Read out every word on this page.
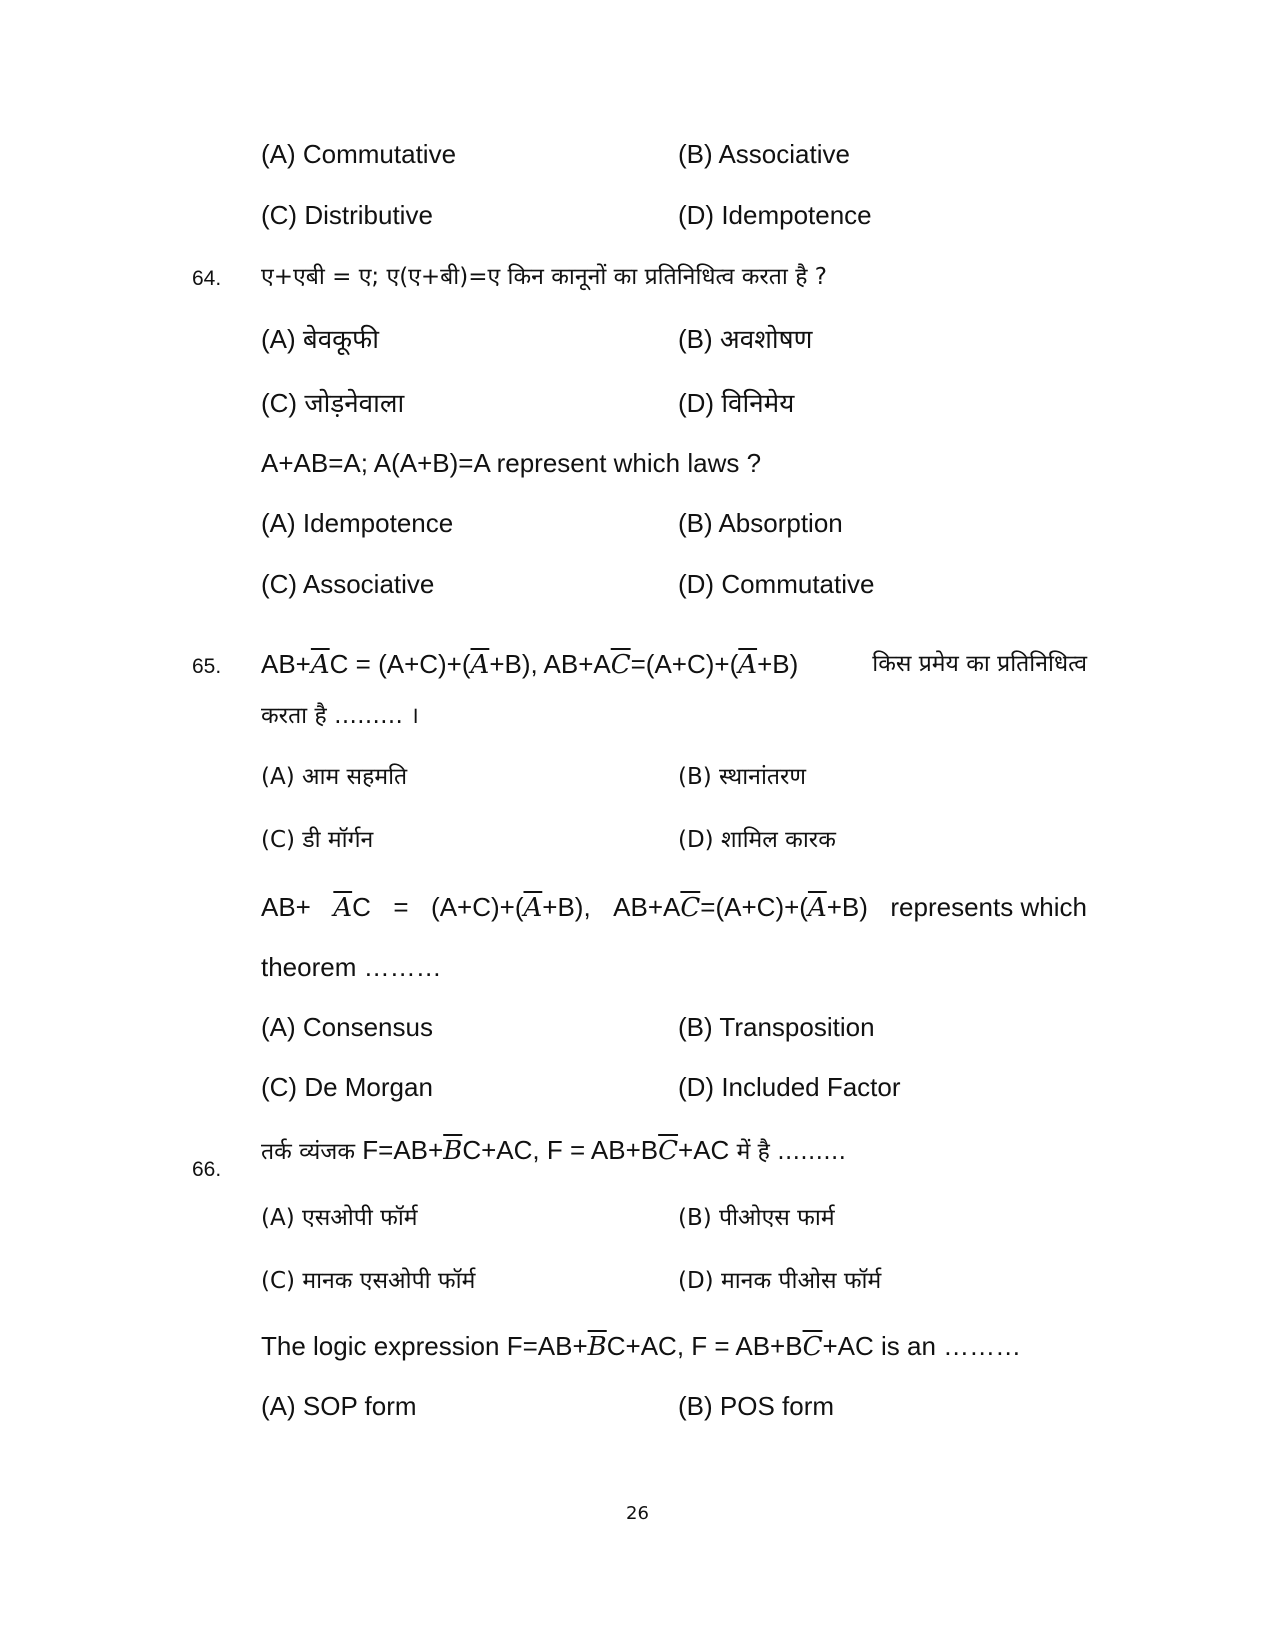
(A) Commutative	(B) Associative
(C) Distributive	(D) Idempotence
64. ए+एबी = ए; ए(ए+बी)=ए किन कानूनों का प्रतिनिधित्व करता है ?
(A) बेवकूफी	(B) अवशोषण
(C) जोड़नेवाला	(D) विनिमेय
A+AB=A; A(A+B)=A represent which laws ?
(A) Idempotence	(B) Absorption
(C) Associative	(D) Commutative
65. $AB+\overline{A}C = (A+C)+(\overline{A}+B)$, $AB+A\overline{C}=(A+C)+(\overline{A}+B)$	किस प्रमेय का प्रतिनिधित्व
करता है ……… ।
(A) आम सहमति	(B) स्थानांतरण
(C) डी मॉर्गन	(D) शामिल कारक
$AB+ \overline{A}C = (A+C)+(\overline{A}+B)$, $AB+A\overline{C}=(A+C)+(\overline{A}+B)$ represents which
theorem ………
(A) Consensus	(B) Transposition
(C) De Morgan	(D) Included Factor
66.
तर्क व्यंजक $F=AB+\overline{B}C+AC$, $F = AB+B\overline{C}+AC$ में है ………
(A) एसओपी फॉर्म	(B) पीओएस फार्म
(C) मानक एसओपी फॉर्म	(D) मानक पीओस फॉर्म
The logic expression $F=AB+\overline{B}C+AC$, $F = AB+B\overline{C}+AC$ is an ………
(A) SOP form	(B) POS form
26
